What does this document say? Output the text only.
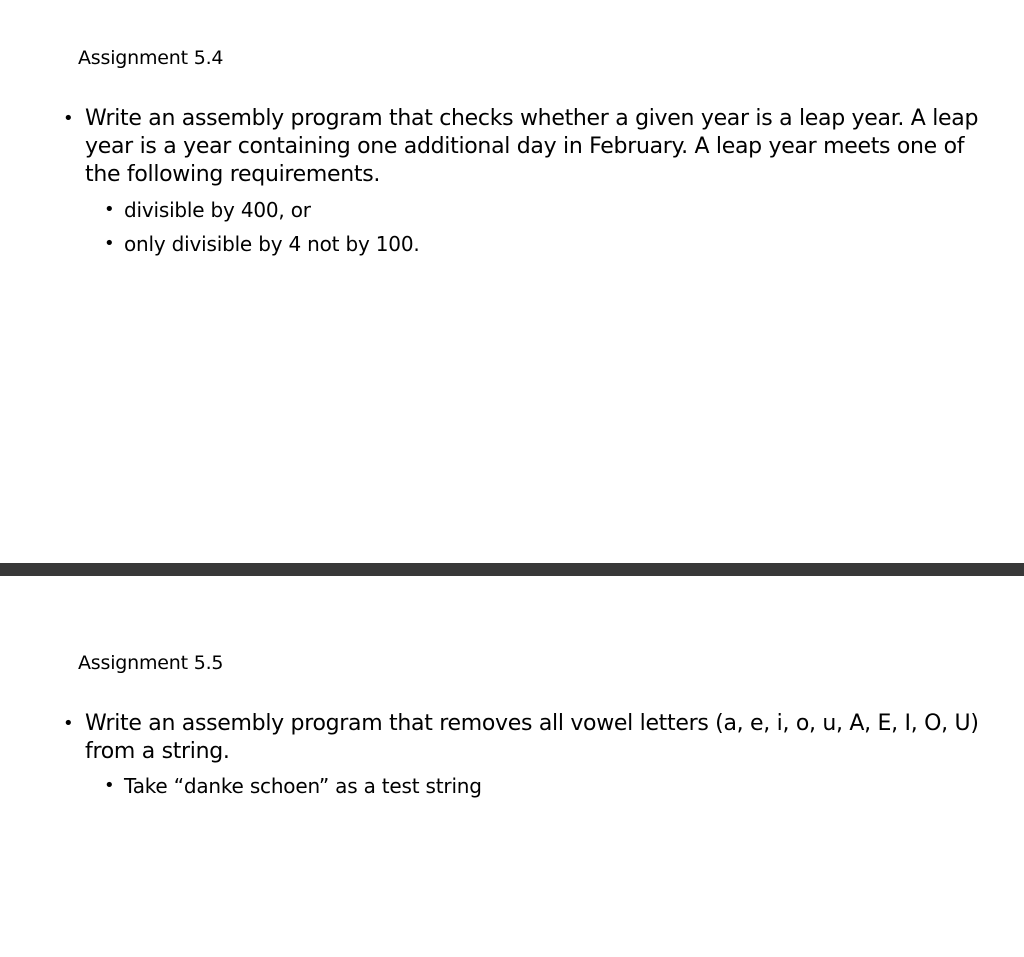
Assignment 5.4
• Write an assembly program that checks whether a given year is a leap year. A leap
year is a year containing one additional day in February. A leap year meets one of
the following requirements.
• divisible by 400, or
• only divisible by 4 not by 100.
Assignment 5.5
• Write an assembly program that removes all vowel letters (a, e, i, o, u, A, E, I, O, U)
from a string.
• Take “danke schoen” as a test string
